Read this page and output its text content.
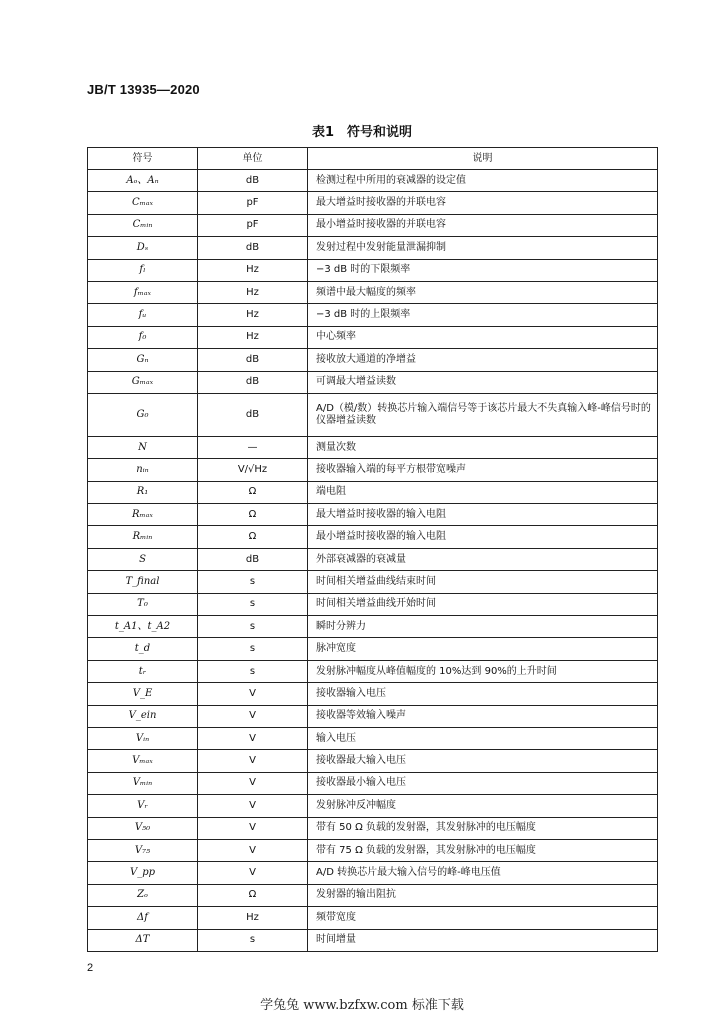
JB/T 13935—2020
表1　符号和说明
符号	单位	说明
Aₒ、Aₙ	dB	检测过程中所用的衰减器的设定值
Cₘₐₓ	pF	最大增益时接收器的并联电容
Cₘᵢₙ	pF	最小增益时接收器的并联电容
Dₛ	dB	发射过程中发射能量泄漏抑制
fₗ	Hz	−3 dB 时的下限频率
fₘₐₓ	Hz	频谱中最大幅度的频率
fᵤ	Hz	−3 dB 时的上限频率
f₀	Hz	中心频率
Gₙ	dB	接收放大通道的净增益
Gₘₐₓ	dB	可调最大增益读数
G₀	dB	A/D（模/数）转换芯片输入端信号等于该芯片最大不失真输入峰-峰信号时的仪器增益读数
N	—	测量次数
nᵢₙ	V/√Hz	接收器输入端的每平方根带宽噪声
R₁	Ω	端电阻
Rₘₐₓ	Ω	最大增益时接收器的输入电阻
Rₘᵢₙ	Ω	最小增益时接收器的输入电阻
S	dB	外部衰减器的衰减量
T_final	s	时间相关增益曲线结束时间
T₀	s	时间相关增益曲线开始时间
t_A1、t_A2	s	瞬时分辨力
t_d	s	脉冲宽度
tᵣ	s	发射脉冲幅度从峰值幅度的 10%达到 90%的上升时间
V_E	V	接收器输入电压
V_ein	V	接收器等效输入噪声
Vᵢₙ	V	输入电压
Vₘₐₓ	V	接收器最大输入电压
Vₘᵢₙ	V	接收器最小输入电压
Vᵣ	V	发射脉冲反冲幅度
V₅₀	V	带有 50 Ω 负载的发射器，其发射脉冲的电压幅度
V₇₅	V	带有 75 Ω 负载的发射器，其发射脉冲的电压幅度
V_pp	V	A/D 转换芯片最大输入信号的峰-峰电压值
Zₒ	Ω	发射器的输出阻抗
Δf	Hz	频带宽度
ΔT	s	时间增量
2
学兔兔 www.bzfxw.com 标准下载
